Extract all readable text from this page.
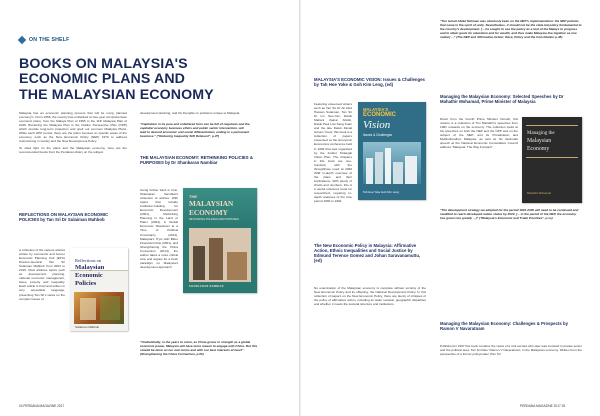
ON THE SHELF
BOOKS ON MALAYSIA'S
ECONOMIC PLANS AND
THE MALAYSIAN ECONOMY

Malaysia has an economic planning process that will be many planned economy's. From 1956, the country has embarked on five-year comprehensive economic plans, from the Malaya Plan of 1956 to the 11th Malaysia Plan of 2016. Bordering the Malaysia Plan is the Outline Perspective Plan (OPP) which provide long-term projection and spell out common Malaysia Plans. While each OPP period, there are the plans focused on specific areas of the economy, such as the New Economic Policy (NEP) 1970 to address restructuring in society and the New Development Policy.

To shed light on the plans and the Malaysian economy, here are the recommended books from the Perdana Library on the subject.

REFLECTIONS ON MALAYSIAN ECONOMIC POLICIES by Tan Sri Dr Sulaiman Mahbob
A collection of the various articles written by economist and former Economic Planning Unit (EPU) Director-General Tan Sri Sulaiman Mahbob from 2004 to 2015. Most address topics such as development planning, national economic management, taxes, poverty and inequality. Each article is brief and written in very accessible language, presenting Tan Sri's views on the complex issues of
Reflections on
Malaysian
Economic
Policies
Sulaiman Mahbob
development planning, and his thoughts on problems unique to Malaysia.
"Capitalism in its pure and unfettered form can be full of negatives and the capitalist economy business ethics and public sector intervention, will lead to desired economic and social differentiation, ending in a permanent business." ("Reducing Inequality Still Relevant", p.37)
THE MALAYSIAN ECONOMY: RETHINKING POLICIES & PURPOSES by Dr Shankaran Nambiar
Going further back in time, Shankaran Nambiar's collection of articles. With topics that include institution-building for Economic Development (2001), Rethinking Planning in the Land of Plans (2004), A Global Economic Slowdown at a Time of Political Uncertainty (2012), Malaysia's Tryst with Bitter Financial Crisis (2001), and Strengthening the China Connection (2014), the author takes a more critical tone and argues for a fresh paradigm on Malaysia's development approach.
THE
MALAYSIAN
ECONOMY
RETHINKING POLICIES AND PURPOSES
SHANKARAN NAMBIAR
"Undoubtedly, in the years to come, as China grows in strength as a global economic power, Malaysia will have more reason to engage with China. But this should be done on our own terms and with our best interests at heart" (Strengthening the China Connection, p.60)
24 PERDANA MAGAZINE 2017
MALAYSIA'S ECONOMIC VISION: Issues & Challenges by Tah Hoe Yoke & Goh Kim Leng, (ed)
Featuring esteemed writers such as Tan Sri Dr Ali Abul Hassan Sulaiman, Tan Sri Dr Lin See-Yan, Datuk Mahani Zainal Abidin, Datuk Paul Low Seng Kuan and the late Datuk Zainal Aznam Yusof, this book is a collection of papers presented at the Economic Economics conference held in 1992 that was organised by the Institut Strategik Vision Plan. The chapters in this book are one-hundred, with the throughlines used at 2020 ISIM in-depth overview of the plans and their implications. With plenty of charts and numbers, this is a useful reference book for researchers requiring in-depth analyses of the time period 1990 to 1991.
MALAYSIA'S
ECONOMIC
Vision
Issues & Challenges
Tah Hoe Yoke Goh Kim Leng
The New Economic Policy in Malaysia: Affirmative Action, Ethnic Inequalities and Social Justice by Edmund Terence Gomez and Johan Saravanamuttu, (ed)
No examination of the Malaysian economy is complete without scrutiny of the New Economic Policy and its offspring, the National Development Policy. In this collection of papers on the New Economic Policy, there are plenty of critiques of the policy of affirmative action, including its wider societal, geographic disparities and whether it meets the societal structure and institutions.
"Tun Ismail Abdul Rahman was obviously keen on the NEP's implementation: the NEP policies that came in the spirit of unity. Nevertheless, it should not be the state-led policy fundamental to the country's development. [... he sought to use the policy as a tool of the Malays to progress and to attain goals for education and for wealth, and thus make Malaysia live together as one nation] ..." (The NEP and Affirmative Action: Race, Policy and the Constitution p.48)
Managing the Malaysian Economy: Selected Speeches by Dr Mahathir Mohamad, Prime Minister of Malaysia
Direct from the Fourth Prime Minister himself, this volume is a collection of Tun Mahathir's speeches from 1981 onwards on the economy. The collection looks at his speeches on both the NEP and the OPP and on the subject of the NEP, and its Privatization and Multiculturalism Malaysia, as well as his landmark speech at the National Economic Consultative Council address "Malaysia: The Way Forward".
Managing the
Malaysian
Economy
Mahathir Mohamad
"The development strategy we adopted for the period 1991-2000 will need to be continued and modified to reach developed-nation status by 2020. [... in the period of the NEP, the economy has grown too greatly ...]" ("Malaysia's Economic and Trade Priorities", p.xx)
Managing the Malaysian Economy: Challenges & Prospects by Ramon V Navaratnam
Published in 1997 this book contains the views of a civil servant who later was involved in private sector and the political area. Tan Sri Dato' Ramon V Navaratnam, in the Malaysian economy. Written from the perspective of a former policymaker (Tan Sri
PERDANA MAGAZINE 2017 25
